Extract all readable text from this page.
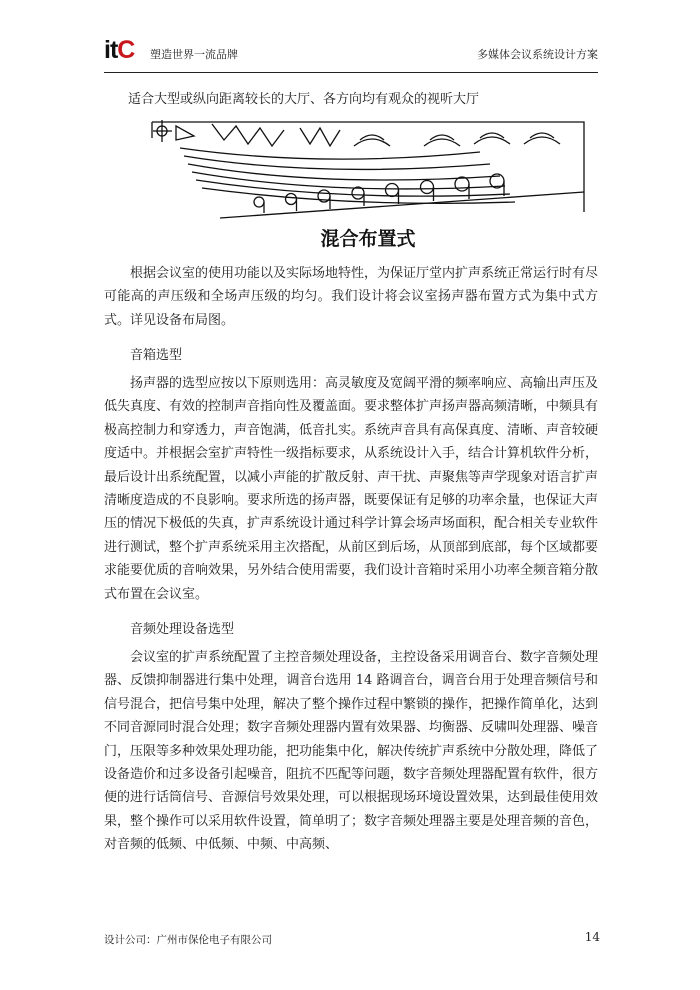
itC 塑造世界一流品牌	多媒体会议系统设计方案

适合大型或纵向距离较长的大厅、各方向均有观众的视听大厅

混合布置式

根据会议室的使用功能以及实际场地特性，为保证厅堂内扩声系统正常运行时有尽可能高的声压级和全场声压级的均匀。我们设计将会议室扬声器布置方式为集中式方式。详见设备布局图。

音箱选型

扬声器的选型应按以下原则选用：高灵敏度及宽阔平滑的频率响应、高输出声压及低失真度、有效的控制声音指向性及覆盖面。要求整体扩声扬声器高频清晰，中频具有极高控制力和穿透力，声音饱满，低音扎实。系统声音具有高保真度、清晰、声音较硬度适中。并根据会室扩声特性一级指标要求，从系统设计入手，结合计算机软件分析，最后设计出系统配置，以减小声能的扩散反射、声干扰、声聚焦等声学现象对语言扩声清晰度造成的不良影响。要求所选的扬声器，既要保证有足够的功率余量，也保证大声压的情况下极低的失真，扩声系统设计通过科学计算会场声场面积，配合相关专业软件进行测试，整个扩声系统采用主次搭配，从前区到后场，从顶部到底部，每个区域都要求能要优质的音响效果，另外结合使用需要，我们设计音箱时采用小功率全频音箱分散式布置在会议室。

音频处理设备选型

会议室的扩声系统配置了主控音频处理设备，主控设备采用调音台、数字音频处理器、反馈抑制器进行集中处理，调音台选用 14 路调音台，调音台用于处理音频信号和信号混合，把信号集中处理，解决了整个操作过程中繁锁的操作，把操作简单化，达到不同音源同时混合处理；数字音频处理器内置有效果器、均衡器、反啸叫处理器、噪音门，压限等多种效果处理功能，把功能集中化，解决传统扩声系统中分散处理，降低了设备造价和过多设备引起噪音，阻抗不匹配等问题，数字音频处理器配置有软件，很方便的进行话筒信号、音源信号效果处理，可以根据现场环境设置效果，达到最佳使用效果，整个操作可以采用软件设置，简单明了；数字音频处理器主要是处理音频的音色，对音频的低频、中低频、中频、中高频、

设计公司：广州市保伦电子有限公司	14
